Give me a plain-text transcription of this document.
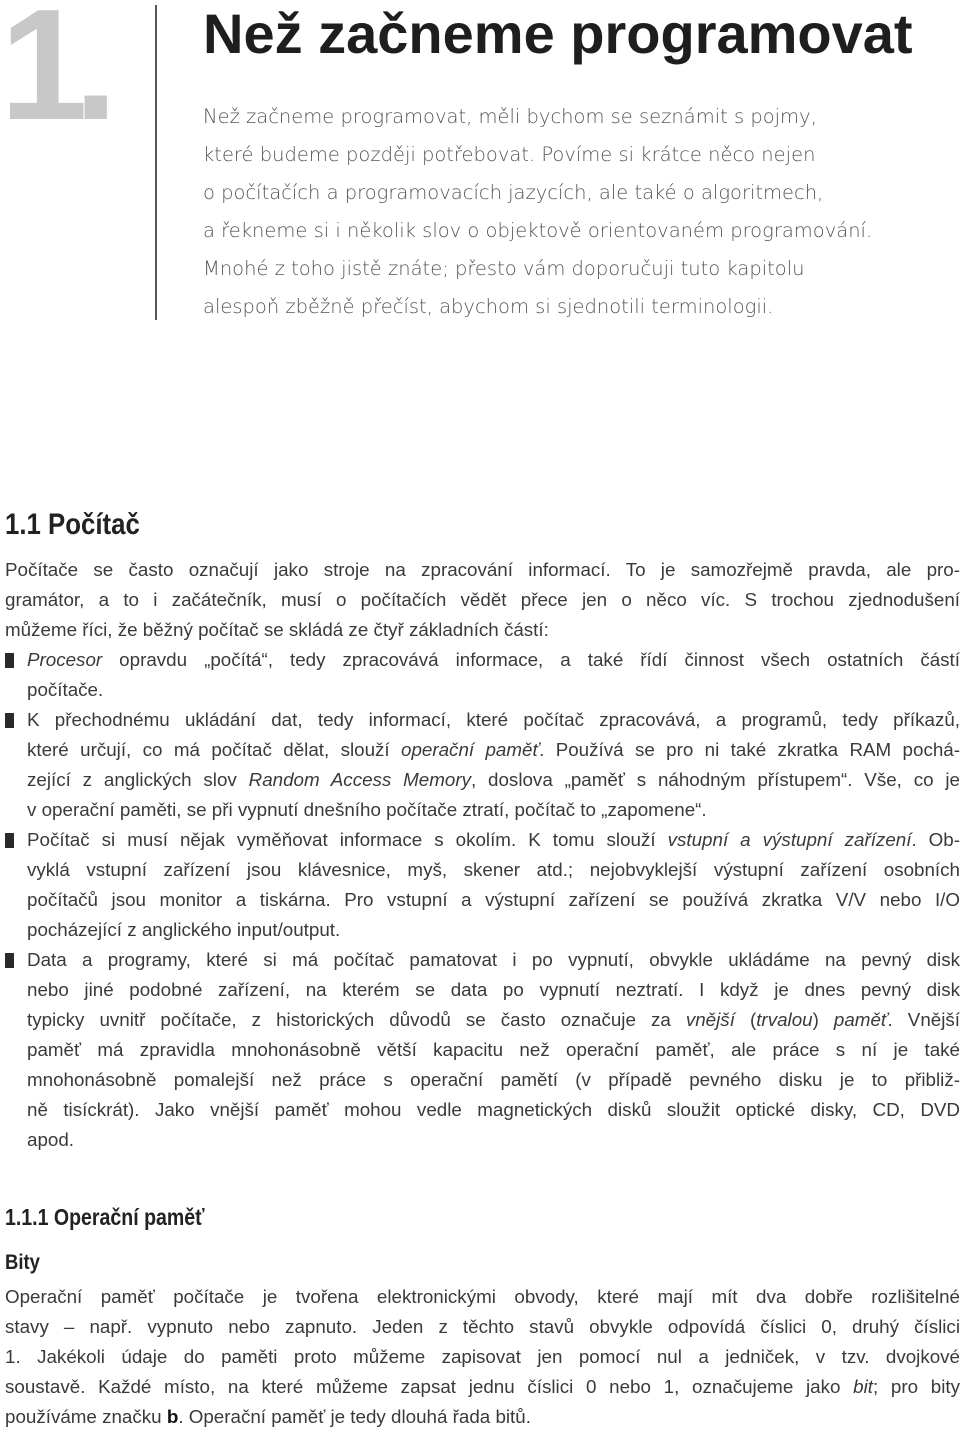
1.	Než začneme programovat

Než začneme programovat, měli bychom se seznámit s pojmy,
které budeme později potřebovat. Povíme si krátce něco nejen
o počítačích a programovacích jazycích, ale také o algoritmech,
a řekneme si i několik slov o objektově orientovaném programování.
Mnohé z toho jistě znáte; přesto vám doporučuji tuto kapitolu
alespoň zběžně přečíst, abychom si sjednotili terminologii.

1.1 Počítač
Počítače se často označují jako stroje na zpracování informací. To je samozřejmě pravda, ale pro-
gramátor, a to i začátečník, musí o počítačích vědět přece jen o něco víc. S trochou zjednodušení
můžeme říci, že běžný počítač se skládá ze čtyř základních částí:
Procesor opravdu „počítá“, tedy zpracovává informace, a také řídí činnost všech ostatních částí
počítače.
K přechodnému ukládání dat, tedy informací, které počítač zpracovává, a programů, tedy příkazů,
které určují, co má počítač dělat, slouží operační paměť. Používá se pro ni také zkratka RAM pochá-
zející z anglických slov Random Access Memory, doslova „paměť s náhodným přístupem“. Vše, co je
v operační paměti, se při vypnutí dnešního počítače ztratí, počítač to „zapomene“.
Počítač si musí nějak vyměňovat informace s okolím. K tomu slouží vstupní a výstupní zařízení. Ob-
vyklá vstupní zařízení jsou klávesnice, myš, skener atd.; nejobvyklejší výstupní zařízení osobních
počítačů jsou monitor a tiskárna. Pro vstupní a výstupní zařízení se používá zkratka V/V nebo I/O
pocházející z anglického input/output.
Data a programy, které si má počítač pamatovat i po vypnutí, obvykle ukládáme na pevný disk
nebo jiné podobné zařízení, na kterém se data po vypnutí neztratí. I když je dnes pevný disk
typicky uvnitř počítače, z historických důvodů se často označuje za vnější (trvalou) paměť. Vnější
paměť má zpravidla mnohonásobně větší kapacitu než operační paměť, ale práce s ní je také
mnohonásobně pomalejší než práce s operační pamětí (v případě pevného disku je to přibliž-
ně tisíckrát). Jako vnější paměť mohou vedle magnetických disků sloužit optické disky, CD, DVD
apod.
1.1.1 Operační paměť
Bity
Operační paměť počítače je tvořena elektronickými obvody, které mají mít dva dobře rozlišitelné
stavy – např. vypnuto nebo zapnuto. Jeden z těchto stavů obvykle odpovídá číslici 0, druhý číslici
1. Jakékoli údaje do paměti proto můžeme zapisovat jen pomocí nul a jedniček, v tzv. dvojkové
soustavě. Každé místo, na které můžeme zapsat jednu číslici 0 nebo 1, označujeme jako bit; pro bity
používáme značku b. Operační paměť je tedy dlouhá řada bitů.
